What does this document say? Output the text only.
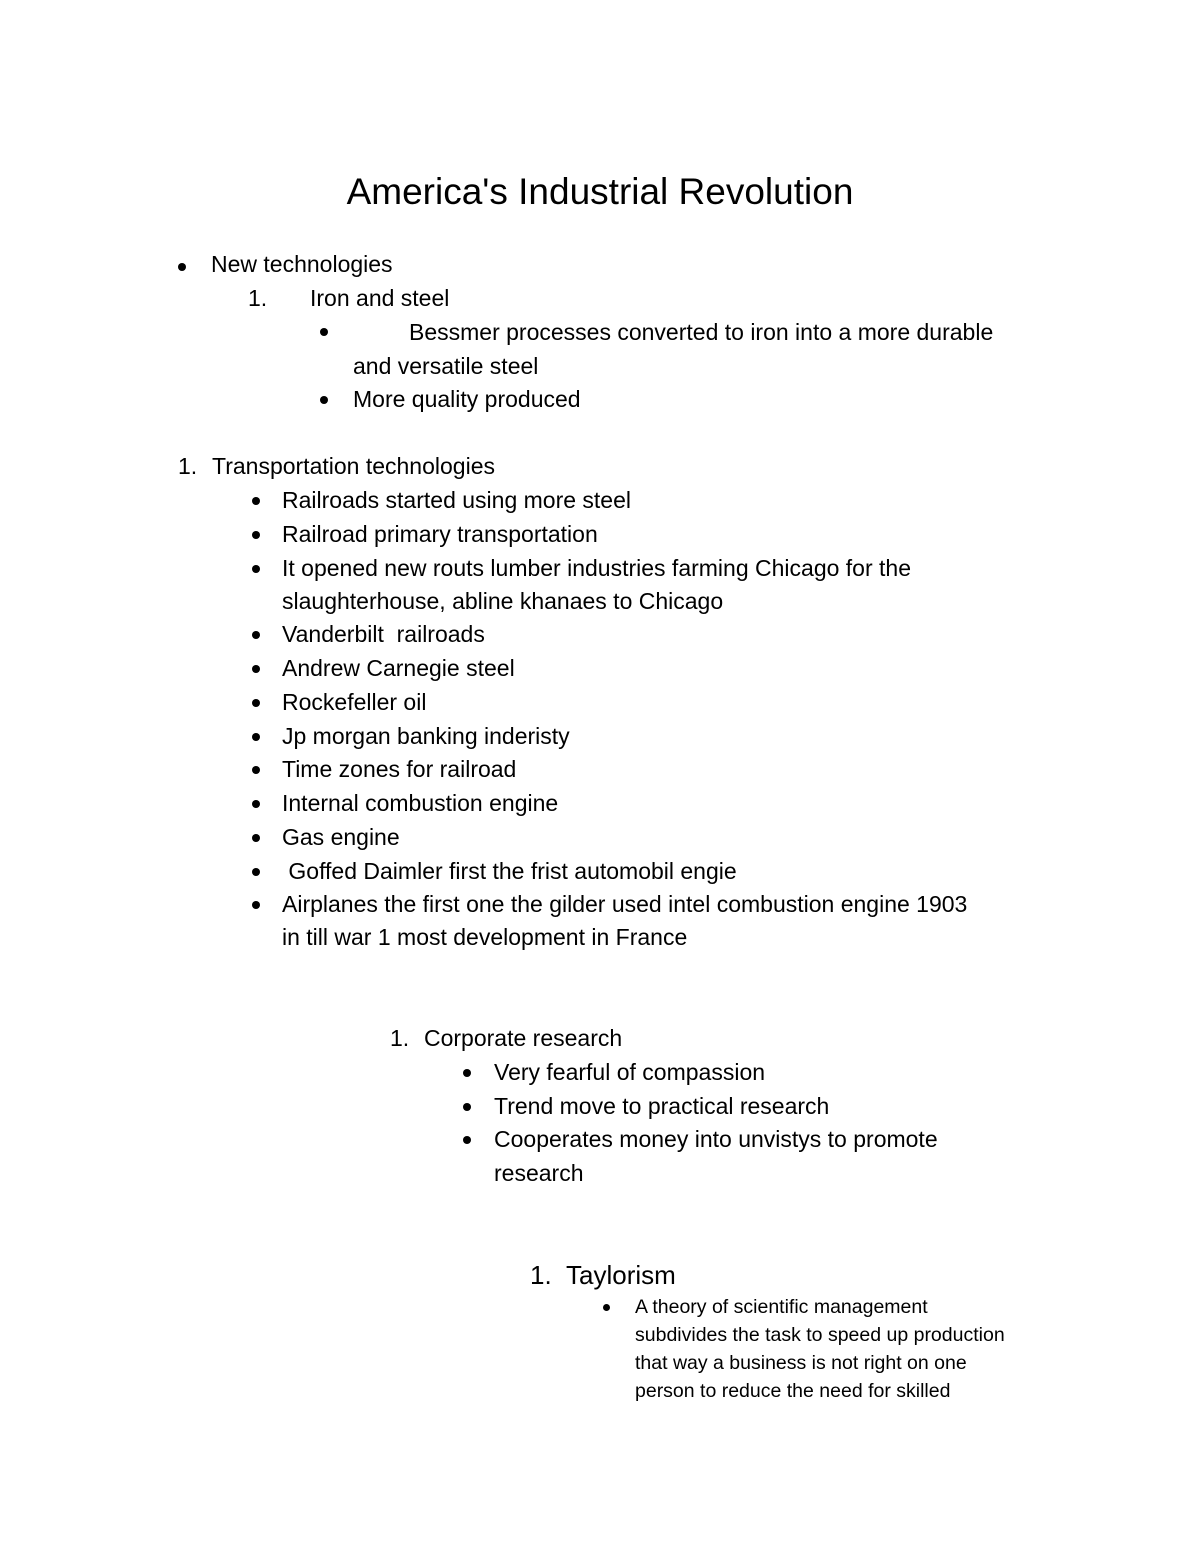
America's Industrial Revolution
New technologies
1. Iron and steel
Bessmer processes converted to iron into a more durable
and versatile steel
More quality produced
1. Transportation technologies
Railroads started using more steel
Railroad primary transportation
It opened new routs lumber industries farming Chicago for the
slaughterhouse, abline khanaes to Chicago
Vanderbilt  railroads
Andrew Carnegie steel
Rockefeller oil
Jp morgan banking inderisty
Time zones for railroad
Internal combustion engine
Gas engine
Goffed Daimler first the frist automobil engie
Airplanes the first one the gilder used intel combustion engine 1903
in till war 1 most development in France
1. Corporate research
Very fearful of compassion
Trend move to practical research
Cooperates money into unvistys to promote
research
1. Taylorism
A theory of scientific management
subdivides the task to speed up production
that way a business is not right on one
person to reduce the need for skilled
